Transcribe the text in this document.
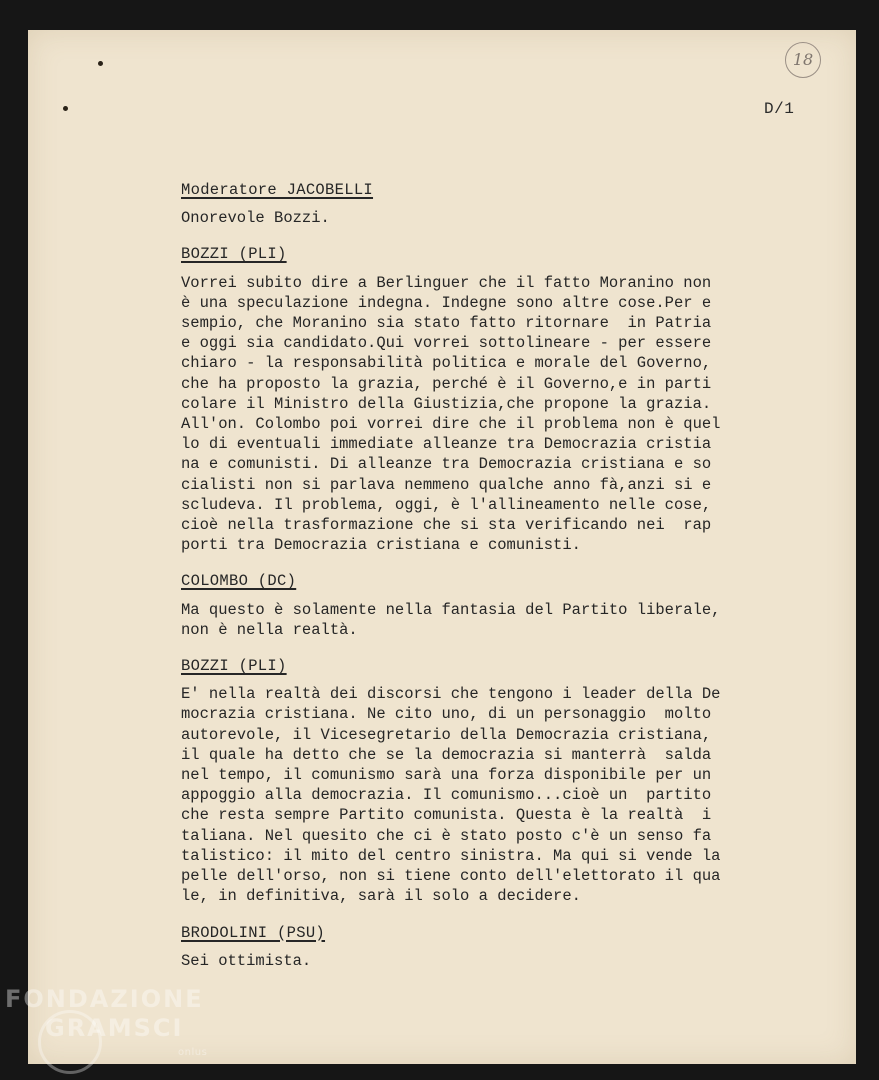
18
D/1
Moderatore JACOBELLI
Onorevole Bozzi.
BOZZI (PLI)
Vorrei subito dire a Berlinguer che il fatto Moranino non
è una speculazione indegna. Indegne sono altre cose.Per e
sempio, che Moranino sia stato fatto ritornare  in Patria
e oggi sia candidato.Qui vorrei sottolineare - per essere
chiaro - la responsabilità politica e morale del Governo,
che ha proposto la grazia, perché è il Governo,e in parti
colare il Ministro della Giustizia,che propone la grazia.
All'on. Colombo poi vorrei dire che il problema non è quel
lo di eventuali immediate alleanze tra Democrazia cristia
na e comunisti. Di alleanze tra Democrazia cristiana e so
cialisti non si parlava nemmeno qualche anno fà,anzi si e
scludeva. Il problema, oggi, è l'allineamento nelle cose,
cioè nella trasformazione che si sta verificando nei  rap
porti tra Democrazia cristiana e comunisti.
COLOMBO (DC)
Ma questo è solamente nella fantasia del Partito liberale,
non è nella realtà.
BOZZI (PLI)
E' nella realtà dei discorsi che tengono i leader della De
mocrazia cristiana. Ne cito uno, di un personaggio  molto
autorevole, il Vicesegretario della Democrazia cristiana,
il quale ha detto che se la democrazia si manterrà  salda
nel tempo, il comunismo sarà una forza disponibile per un
appoggio alla democrazia. Il comunismo...cioè un  partito
che resta sempre Partito comunista. Questa è la realtà  i
taliana. Nel quesito che ci è stato posto c'è un senso fa
talistico: il mito del centro sinistra. Ma qui si vende la
pelle dell'orso, non si tiene conto dell'elettorato il qua
le, in definitiva, sarà il solo a decidere.
BRODOLINI (PSU)
Sei ottimista.
FONDAZIONE
GRAMSCI
onlus
